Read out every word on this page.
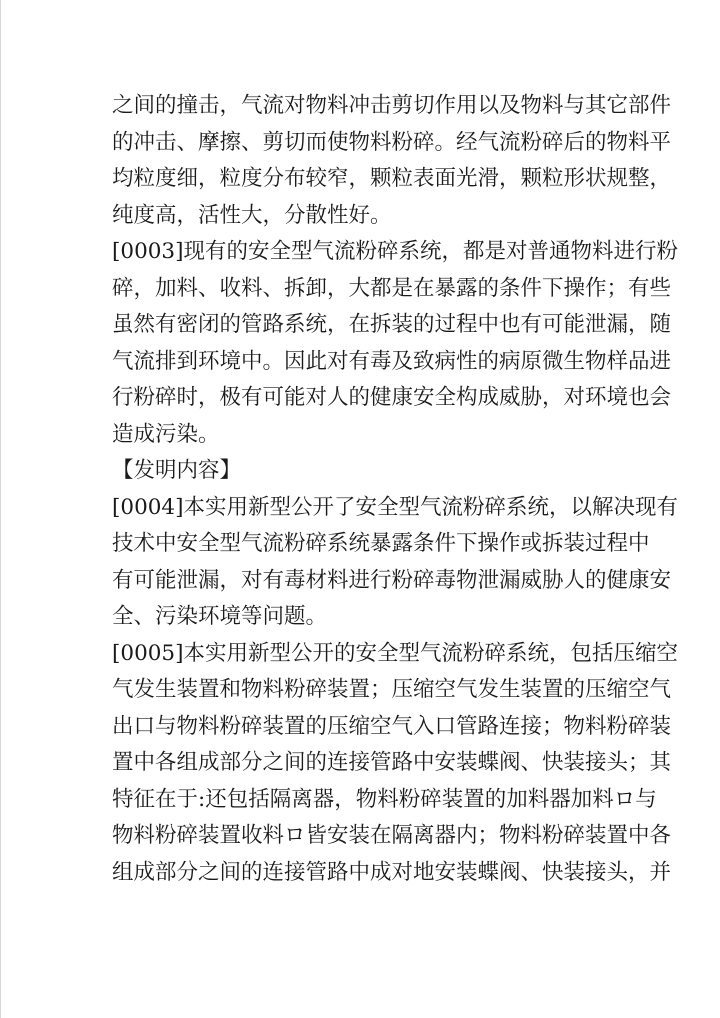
之间的撞击，气流对物料冲击剪切作用以及物料与其它部件
的冲击、摩擦、剪切而使物料粉碎。经气流粉碎后的物料平
均粒度细，粒度分布较窄，颗粒表面光滑，颗粒形状规整，
纯度高，活性大，分散性好。
[0003]现有的安全型气流粉碎系统，都是对普通物料进行粉
碎，加料、收料、拆卸，大都是在暴露的条件下操作；有些
虽然有密闭的管路系统，在拆装的过程中也有可能泄漏，随
气流排到环境中。因此对有毒及致病性的病原微生物样品进
行粉碎时，极有可能对人的健康安全构成威胁，对环境也会
造成污染。
【发明内容】
[0004]本实用新型公开了安全型气流粉碎系统，以解决现有
技术中安全型气流粉碎系统暴露条件下操作或拆装过程中
有可能泄漏，对有毒材料进行粉碎毒物泄漏威胁人的健康安
全、污染环境等问题。
[0005]本实用新型公开的安全型气流粉碎系统，包括压缩空
气发生装置和物料粉碎装置；压缩空气发生装置的压缩空气
出口与物料粉碎装置的压缩空气入口管路连接；物料粉碎装
置中各组成部分之间的连接管路中安装蝶阀、快装接头；其
特征在于:还包括隔离器，物料粉碎装置的加料器加料ロ与
物料粉碎装置收料ロ皆安装在隔离器内；物料粉碎装置中各
组成部分之间的连接管路中成对地安装蝶阀、快装接头，并
